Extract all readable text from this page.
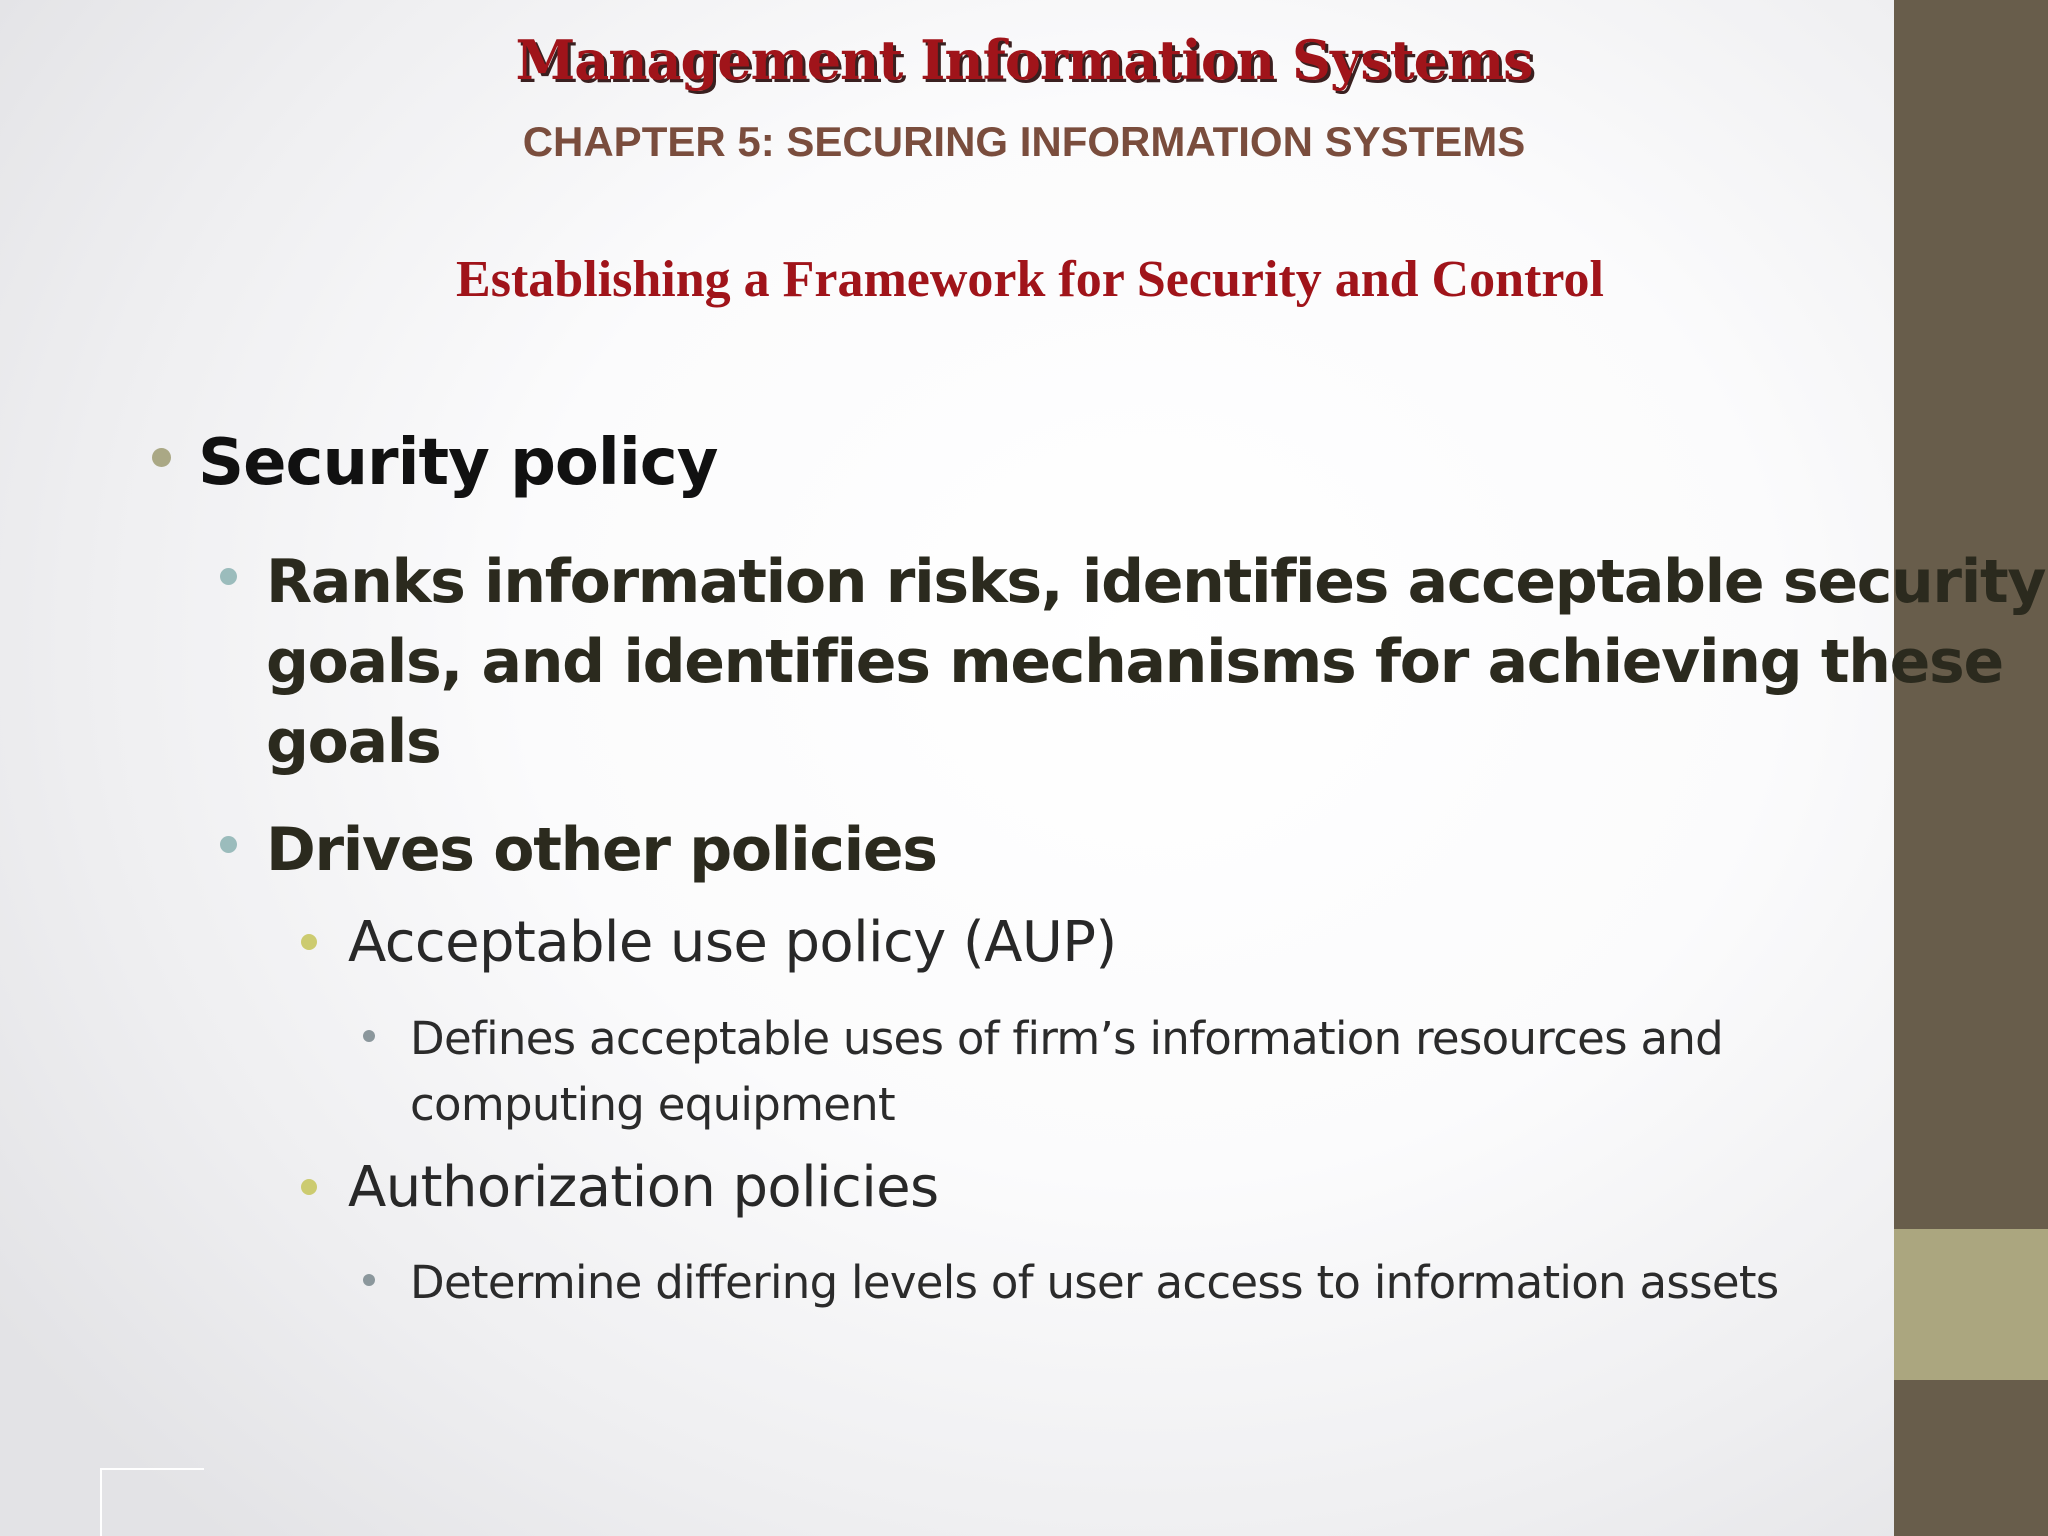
Management Information Systems
CHAPTER 5: SECURING INFORMATION SYSTEMS
Establishing a Framework for Security and Control
Security policy
Ranks information risks, identifies acceptable security
goals, and identifies mechanisms for achieving these
goals
Drives other policies
Acceptable use policy (AUP)
Defines acceptable uses of firm’s information resources and
computing equipment
Authorization policies
Determine differing levels of user access to information assets
